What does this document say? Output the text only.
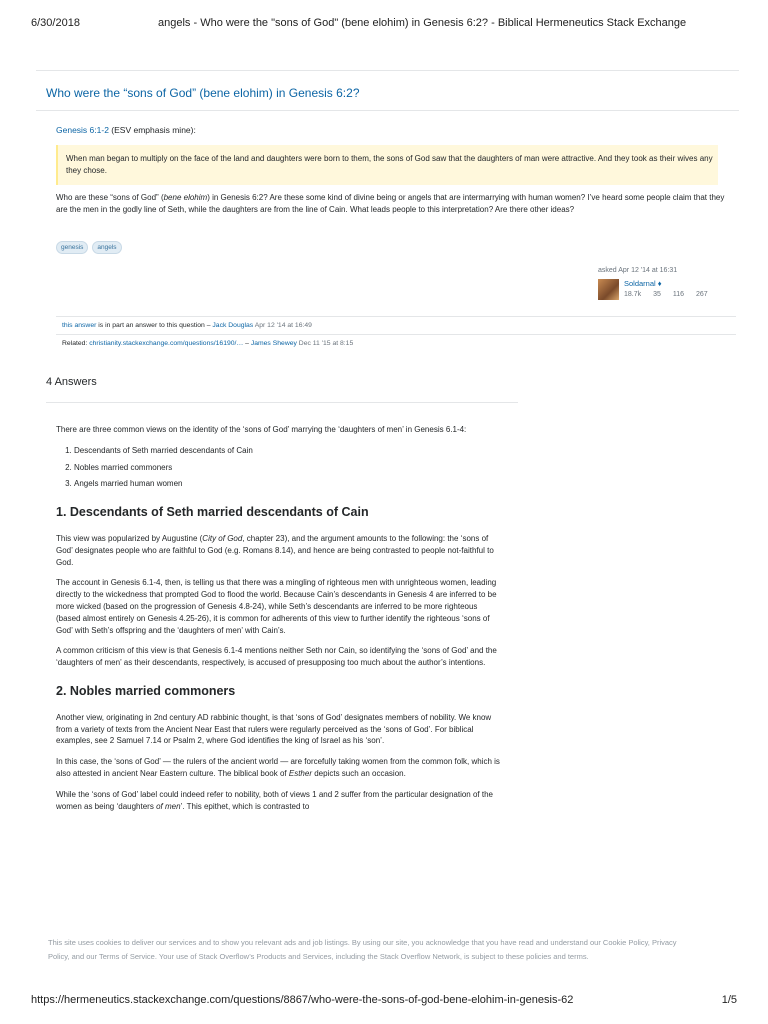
6/30/2018	angels - Who were the "sons of God" (bene elohim) in Genesis 6:2? - Biblical Hermeneutics Stack Exchange
Who were the “sons of God” (bene elohim) in Genesis 6:2?
Genesis 6:1-2 (ESV emphasis mine):

When man began to multiply on the face of the land and daughters were born to them, the sons of God saw that the daughters of man were attractive. And they took as their wives any they chose.

Who are these “sons of God” (bene elohim) in Genesis 6:2? Are these some kind of divine being or angels that are intermarrying with human women? I’ve heard some people claim that they are the men in the godly line of Seth, while the daughters are from the line of Cain. What leads people to this interpretation? Are there other ideas?

genesis	angels
asked Apr 12 '14 at 16:31
Soldarnal ♦
18.7k 35 116 267
this answer is in part an answer to this question – Jack Douglas Apr 12 '14 at 16:49
Related: christianity.stackexchange.com/questions/16190/… – James Shewey Dec 11 '15 at 8:15
4 Answers

There are three common views on the identity of the ‘sons of God’ marrying the ‘daughters of men’ in Genesis 6.1-4:

1. Descendants of Seth married descendants of Cain
2. Nobles married commoners
3. Angels married human women
1. Descendants of Seth married descendants of Cain

This view was popularized by Augustine (City of God, chapter 23), and the argument amounts to the following: the ‘sons of God’ designates people who are faithful to God (e.g. Romans 8.14), and hence are being contrasted to people not-faithful to God.

The account in Genesis 6.1-4, then, is telling us that there was a mingling of righteous men with unrighteous women, leading directly to the wickedness that prompted God to flood the world. Because Cain’s descendants in Genesis 4 are inferred to be more wicked (based on the progression of Genesis 4.8-24), while Seth’s descendants are inferred to be more righteous (based almost entirely on Genesis 4.25-26), it is common for adherents of this view to further identify the righteous ‘sons of God’ with Seth’s offspring and the ‘daughters of men’ with Cain’s.

A common criticism of this view is that Genesis 6.1-4 mentions neither Seth nor Cain, so identifying the ‘sons of God’ and the ‘daughters of men’ as their descendants, respectively, is accused of presupposing too much about the author’s intentions.

2. Nobles married commoners

Another view, originating in 2nd century AD rabbinic thought, is that ‘sons of God’ designates members of nobility. We know from a variety of texts from the Ancient Near East that rulers were regularly perceived as the ‘sons of God’. For biblical examples, see 2 Samuel 7.14 or Psalm 2, where God identifies the king of Israel as his ‘son’.

In this case, the ‘sons of God’ — the rulers of the ancient world — are forcefully taking women from the common folk, which is also attested in ancient Near Eastern culture. The biblical book of Esther depicts such an occasion.

While the ‘sons of God’ label could indeed refer to nobility, both of views 1 and 2 suffer from the particular designation of the women as being ‘daughters of men’. This epithet, which is contrasted to

This site uses cookies to deliver our services and to show you relevant ads and job listings. By using our site, you acknowledge that you have read and understand our Cookie Policy, Privacy Policy, and our Terms of Service. Your use of Stack Overflow’s Products and Services, including the Stack Overflow Network, is subject to these policies and terms.

https://hermeneutics.stackexchange.com/questions/8867/who-were-the-sons-of-god-bene-elohim-in-genesis-62	1/5
